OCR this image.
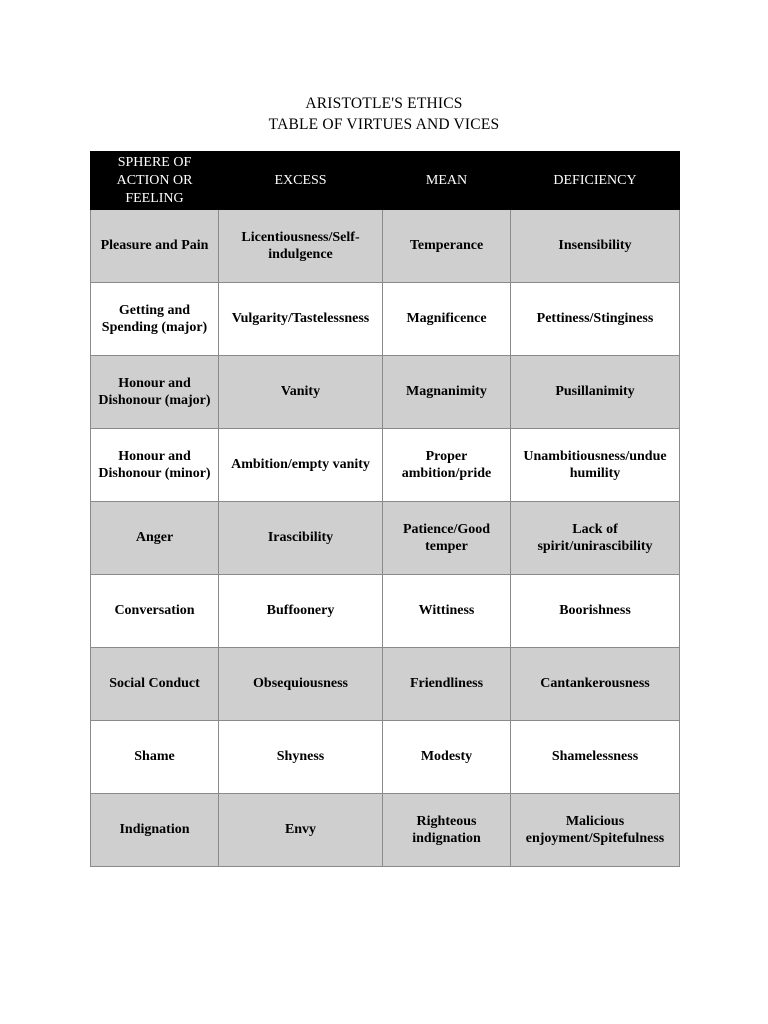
ARISTOTLE'S ETHICS
TABLE OF VIRTUES AND VICES
SPHERE OF ACTION OR FEELING	EXCESS	MEAN	DEFICIENCY
Pleasure and Pain	Licentiousness/Self-indulgence	Temperance	Insensibility
Getting and Spending (major)	Vulgarity/Tastelessness	Magnificence	Pettiness/Stinginess
Honour and Dishonour (major)	Vanity	Magnanimity	Pusillanimity
Honour and Dishonour (minor)	Ambition/empty vanity	Proper ambition/pride	Unambitiousness/undue humility
Anger	Irascibility	Patience/Good temper	Lack of spirit/unirascibility
Conversation	Buffoonery	Wittiness	Boorishness
Social Conduct	Obsequiousness	Friendliness	Cantankerousness
Shame	Shyness	Modesty	Shamelessness
Indignation	Envy	Righteous indignation	Malicious enjoyment/Spitefulness
